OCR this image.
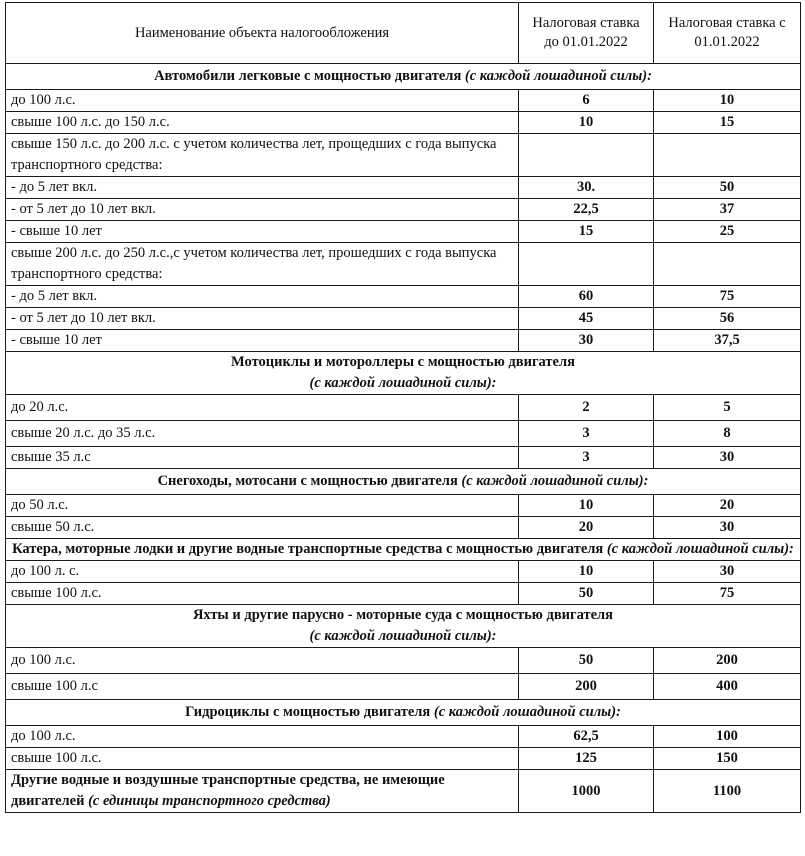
Наименование объекта налогообложения	Налоговая ставка до 01.01.2022	Налоговая ставка с 01.01.2022
Автомобили легковые с мощностью двигателя (с каждой лошадиной силы):		
до 100 л.с.	6	10
свыше 100 л.с. до 150 л.с.	10	15
свыше 150 л.с. до 200 л.с. с учетом количества лет, прощедших с года выпуска транспортного средства:		
- до 5 лет вкл.	30.	50
- от 5 лет до 10 лет вкл.	22,5	37
- свыше 10 лет	15	25
свыше 200 л.с. до 250 л.с.,с учетом количества лет, прошедших с года выпуска транспортного средства:		
- до 5 лет вкл.	60	75
- от 5 лет до 10 лет вкл.	45	56
- свыше 10 лет	30	37,5
Мотоциклы и мотороллеры с мощностью двигателя
(с каждой лошадиной силы):		
до 20 л.с.	2	5
свыше 20 л.с. до 35 л.с.	3	8
свыше 35 л.с	3	30
Снегоходы, мотосани с мощностью двигателя (с каждой лошадиной силы):		
до 50 л.с.	10	20
свыше 50 л.с.	20	30
Катера, моторные лодки и другие водные транспортные средства с мощностью двигателя (с каждой лошадиной силы):		
до 100 л. с.	10	30
свыше 100 л.с.	50	75
Яхты и другие парусно - моторные суда с мощностью двигателя
(с каждой лошадиной силы):		
до 100 л.с.	50	200
свыше 100 л.с	200	400
Гидроциклы с мощностью двигателя (с каждой лошадиной силы):		
до 100 л.с.	62,5	100
свыше 100 л.с.	125	150
Другие водные и воздушные транспортные средства, не имеющие двигателей (с единицы транспортного средства)	1000	1100
